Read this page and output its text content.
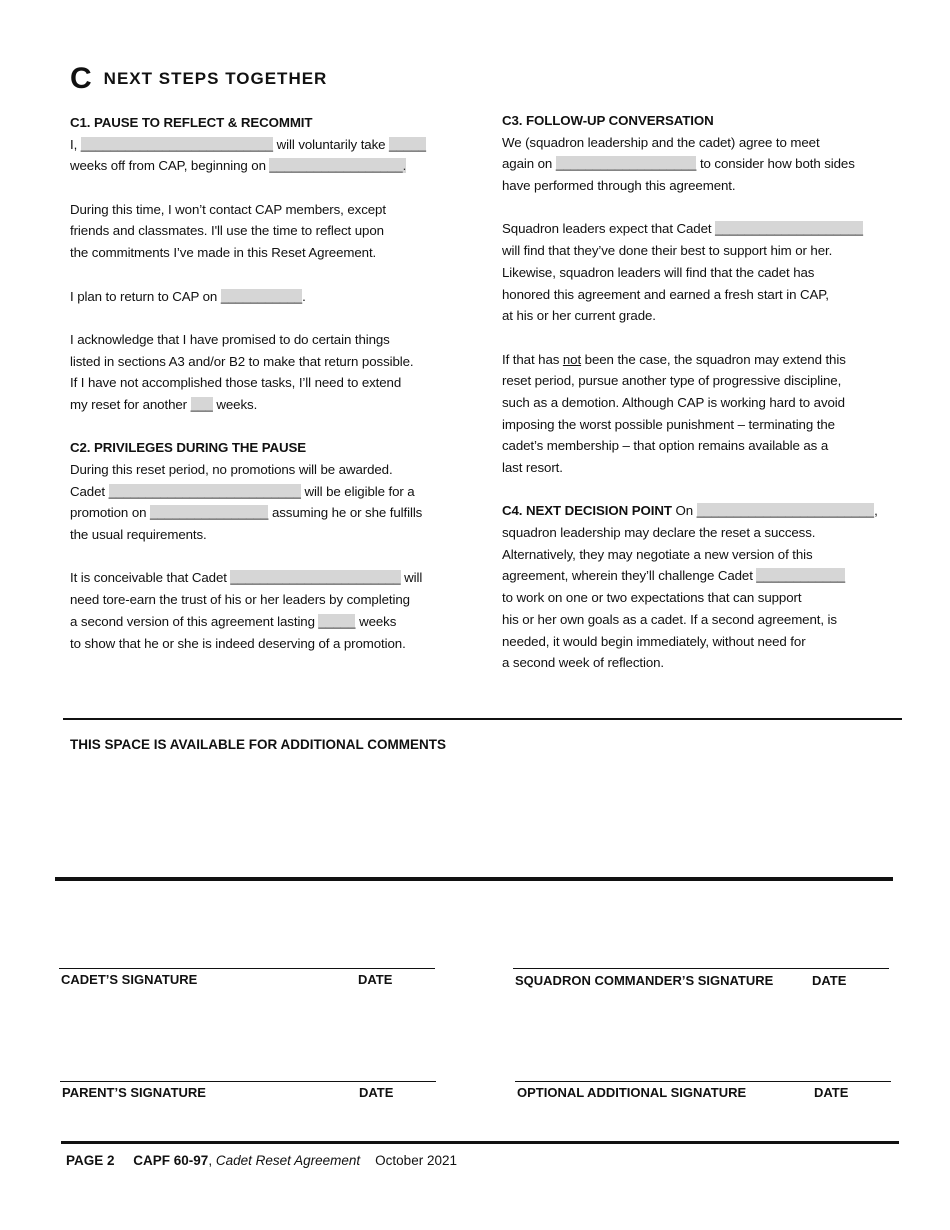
CNEXT STEPS TOGETHER
C1. PAUSE TO REFLECT & RECOMMIT
I, __________________________ will voluntarily take _____
weeks off from CAP, beginning on __________________.
During this time, I won’t contact CAP members, except
friends and classmates. I'll use the time to reflect upon
the commitments I’ve made in this Reset Agreement.
I plan to return to CAP on ___________.
I acknowledge that I have promised to do certain things
listed in sections A3 and/or B2 to make that return possible.
If I have not accomplished those tasks, I’ll need to extend
my reset for another ___ weeks.
C2. PRIVILEGES DURING THE PAUSE
During this reset period, no promotions will be awarded.
Cadet __________________________ will be eligible for a
promotion on ________________ assuming he or she fulfills
the usual requirements.
It is conceivable that Cadet _______________________ will
need tore-earn the trust of his or her leaders by completing
a second version of this agreement lasting _____ weeks
to show that he or she is indeed deserving of a promotion.
C3. FOLLOW-UP CONVERSATION
We (squadron leadership and the cadet) agree to meet
again on ___________________ to consider how both sides
have performed through this agreement.
Squadron leaders expect that Cadet ____________________
will find that they’ve done their best to support him or her.
Likewise, squadron leaders will find that the cadet has
honored this agreement and earned a fresh start in CAP,
at his or her current grade.
If that has not been the case, the squadron may extend this
reset period, pursue another type of progressive discipline,
such as a demotion. Although CAP is working hard to avoid
imposing the worst possible punishment – terminating the
cadet’s membership – that option remains available as a
last resort.
C4. NEXT DECISION POINT On ________________________,
squadron leadership may declare the reset a success.
Alternatively, they may negotiate a new version of this
agreement, wherein they’ll challenge Cadet ____________
to work on one or two expectations that can support
his or her own goals as a cadet. If a second agreement, is
needed, it would begin immediately, without need for
a second week of reflection.
THIS SPACE IS AVAILABLE FOR ADDITIONAL COMMENTS
CADET’S SIGNATURE	DATE	SQUADRON COMMANDER’S SIGNATURE	DATE
PARENT’S SIGNATURE	DATE	OPTIONAL ADDITIONAL SIGNATURE	DATE
PAGE 2 CAPF 60-97, Cadet Reset Agreement October 2021
